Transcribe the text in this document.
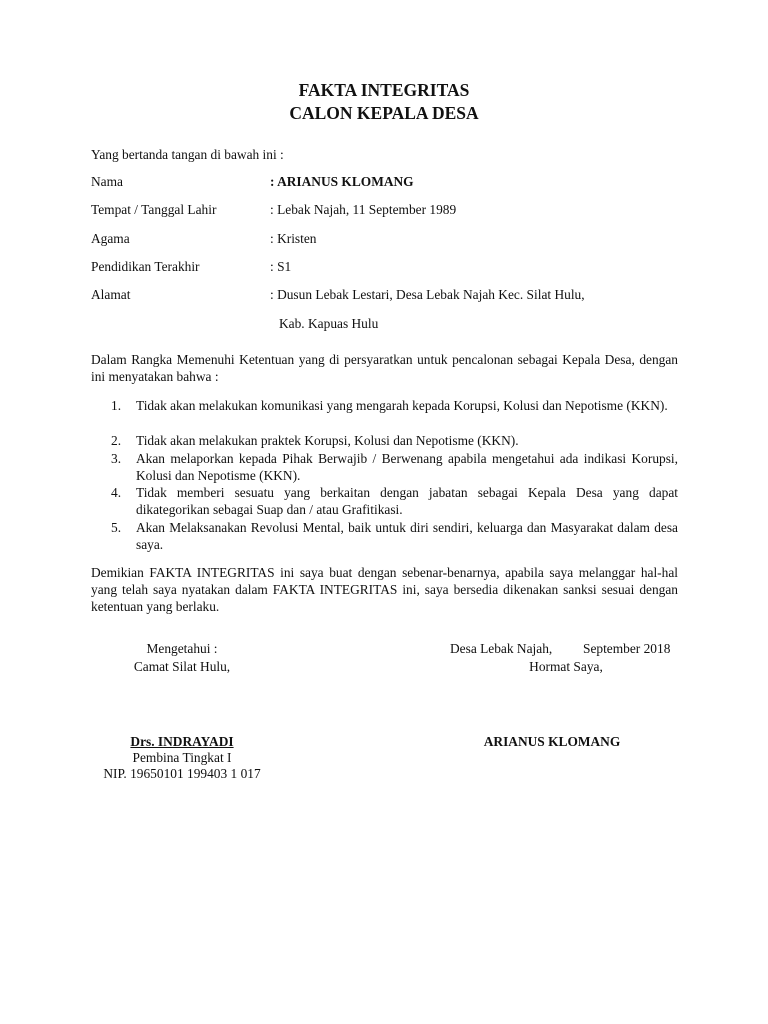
FAKTA INTEGRITAS
CALON KEPALA DESA
Yang bertanda tangan di bawah ini :
Nama	: ARIANUS KLOMANG
Tempat / Tanggal Lahir	: Lebak Najah, 11 September 1989
Agama	: Kristen
Pendidikan Terakhir	: S1
Alamat	: Dusun Lebak Lestari, Desa Lebak Najah Kec. Silat Hulu,
Kab. Kapuas Hulu
Dalam Rangka Memenuhi Ketentuan yang di persyaratkan untuk pencalonan sebagai Kepala Desa, dengan ini menyatakan bahwa :
1. Tidak akan melakukan komunikasi yang mengarah kepada Korupsi, Kolusi dan Nepotisme (KKN).
2. Tidak akan melakukan praktek Korupsi, Kolusi dan Nepotisme (KKN).
3. Akan melaporkan kepada Pihak Berwajib / Berwenang apabila mengetahui ada indikasi Korupsi, Kolusi dan Nepotisme (KKN).
4. Tidak memberi sesuatu yang berkaitan dengan jabatan sebagai Kepala Desa yang dapat dikategorikan sebagai Suap dan / atau Grafitikasi.
5. Akan Melaksanakan Revolusi Mental, baik untuk diri sendiri, keluarga dan Masyarakat dalam desa saya.
Demikian FAKTA INTEGRITAS ini saya buat dengan sebenar-benarnya, apabila saya melanggar hal-hal yang telah saya nyatakan dalam FAKTA INTEGRITAS ini, saya bersedia dikenakan sanksi sesuai dengan ketentuan yang berlaku.
Mengetahui :
Camat Silat Hulu,
Drs. INDRAYADI
Pembina Tingkat I
NIP. 19650101 199403 1 017
Desa Lebak Najah, September 2018
Hormat Saya,
ARIANUS KLOMANG
